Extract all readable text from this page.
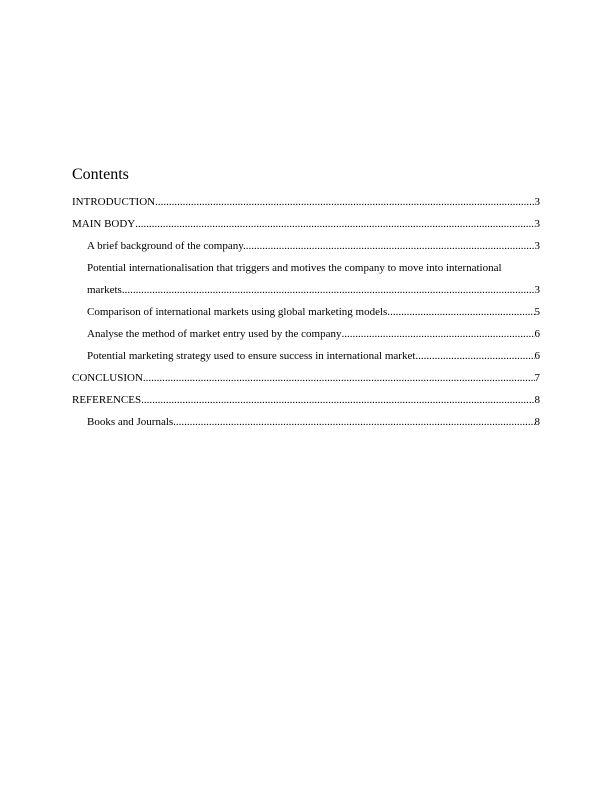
Contents
INTRODUCTION .....	3
MAIN BODY .....	3
A brief background of the company. .....	3
Potential internationalisation that triggers and motives the company to move into international
markets .....	3
Comparison of international markets using global marketing models. .....	5
Analyse the method of market entry used by the company .....	6
Potential marketing strategy used to ensure success in international market. .....	6
CONCLUSION .....	7
REFERENCES .....	8
Books and Journals .....	8
